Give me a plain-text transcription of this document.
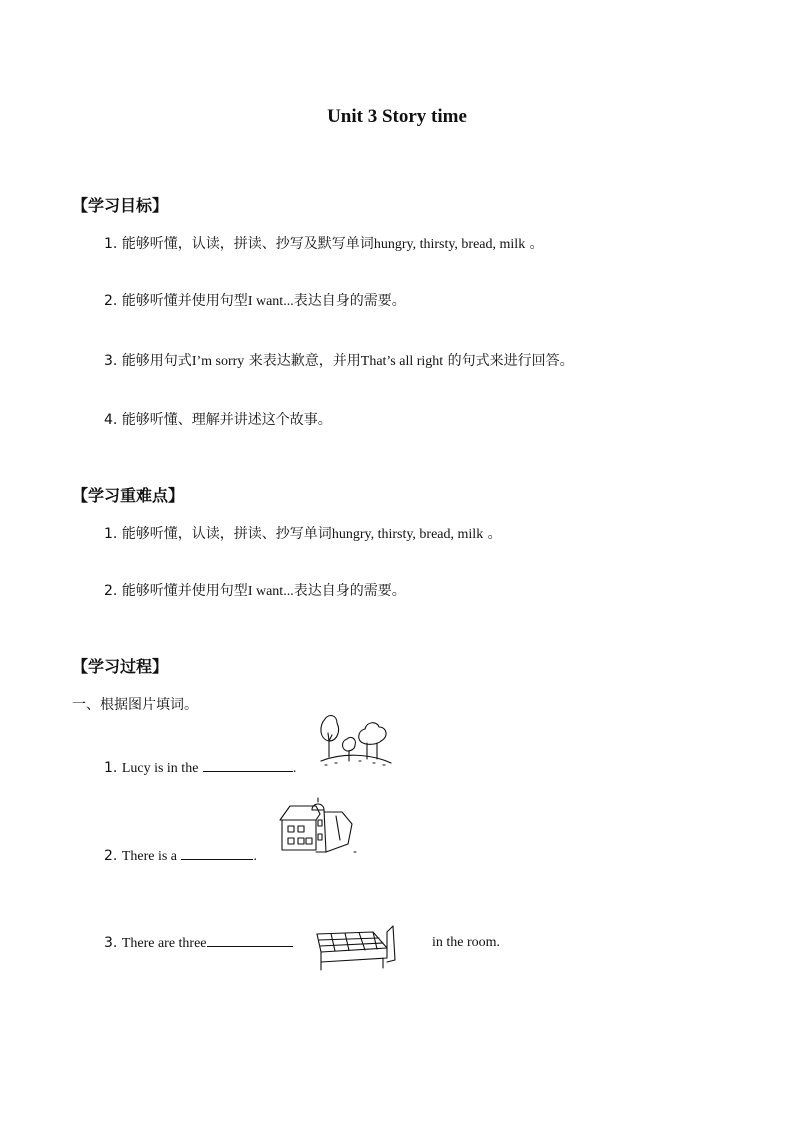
Unit 3 Story time
【学习目标】
1. 能够听懂，认读，拼读、抄写及默写单词hungry, thirsty, bread, milk 。
2. 能够听懂并使用句型I want...表达自身的需要。
3. 能够用句式I’m sorry 来表达歉意，并用That’s all right 的句式来进行回答。
4. 能够听懂、理解并讲述这个故事。
【学习重难点】
1. 能够听懂，认读，拼读、抄写单词hungry, thirsty, bread, milk 。
2. 能够听懂并使用句型I want...表达自身的需要。
【学习过程】
一、根据图片填词。
1. Lucy is in the	.
2. There is a	.
3. There are three	in the room.
